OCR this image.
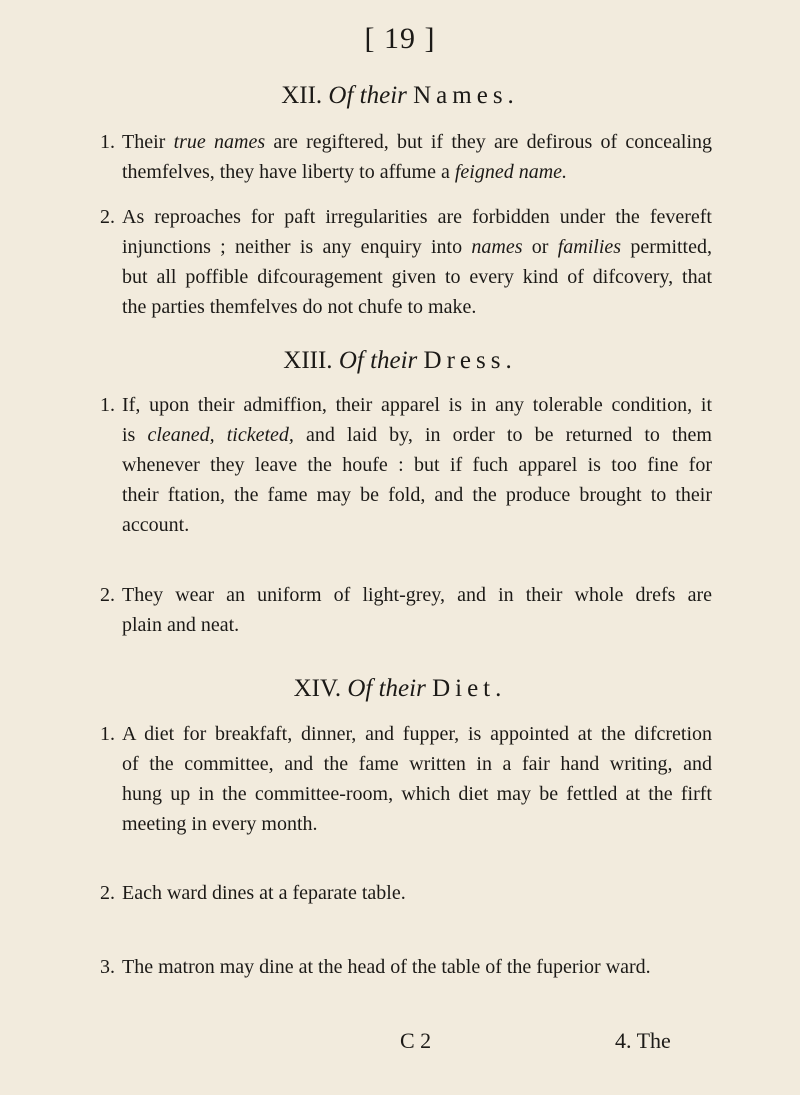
[ 19 ]
XII. Of their Names.
1. Their true names are regiftered, but if they are defirous of concealing
themfelves, they have liberty to affume a feigned name.
2. As reproaches for paft irregularities are forbidden under the fevereft
injunctions ; neither is any enquiry into names or families permitted,
but all poffible difcouragement given to every kind of difcovery, that
the parties themfelves do not chufe to make.
XIII. Of their Dress.
1. If, upon their admiffion, their apparel is in any tolerable condition, it
is cleaned, ticketed, and laid by, in order to be returned to them
whenever they leave the houfe : but if fuch apparel is too fine for
their ftation, the fame may be fold, and the produce brought to their
account.
2. They wear an uniform of light-grey, and in their whole drefs are
plain and neat.
XIV. Of their Diet.
1. A diet for breakfaft, dinner, and fupper, is appointed at the difcretion
of the committee, and the fame written in a fair hand writing, and
hung up in the committee-room, which diet may be fettled at the firft
meeting in every month.
2. Each ward dines at a feparate table.
3. The matron may dine at the head of the table of the fuperior ward.
C 2	4. The
